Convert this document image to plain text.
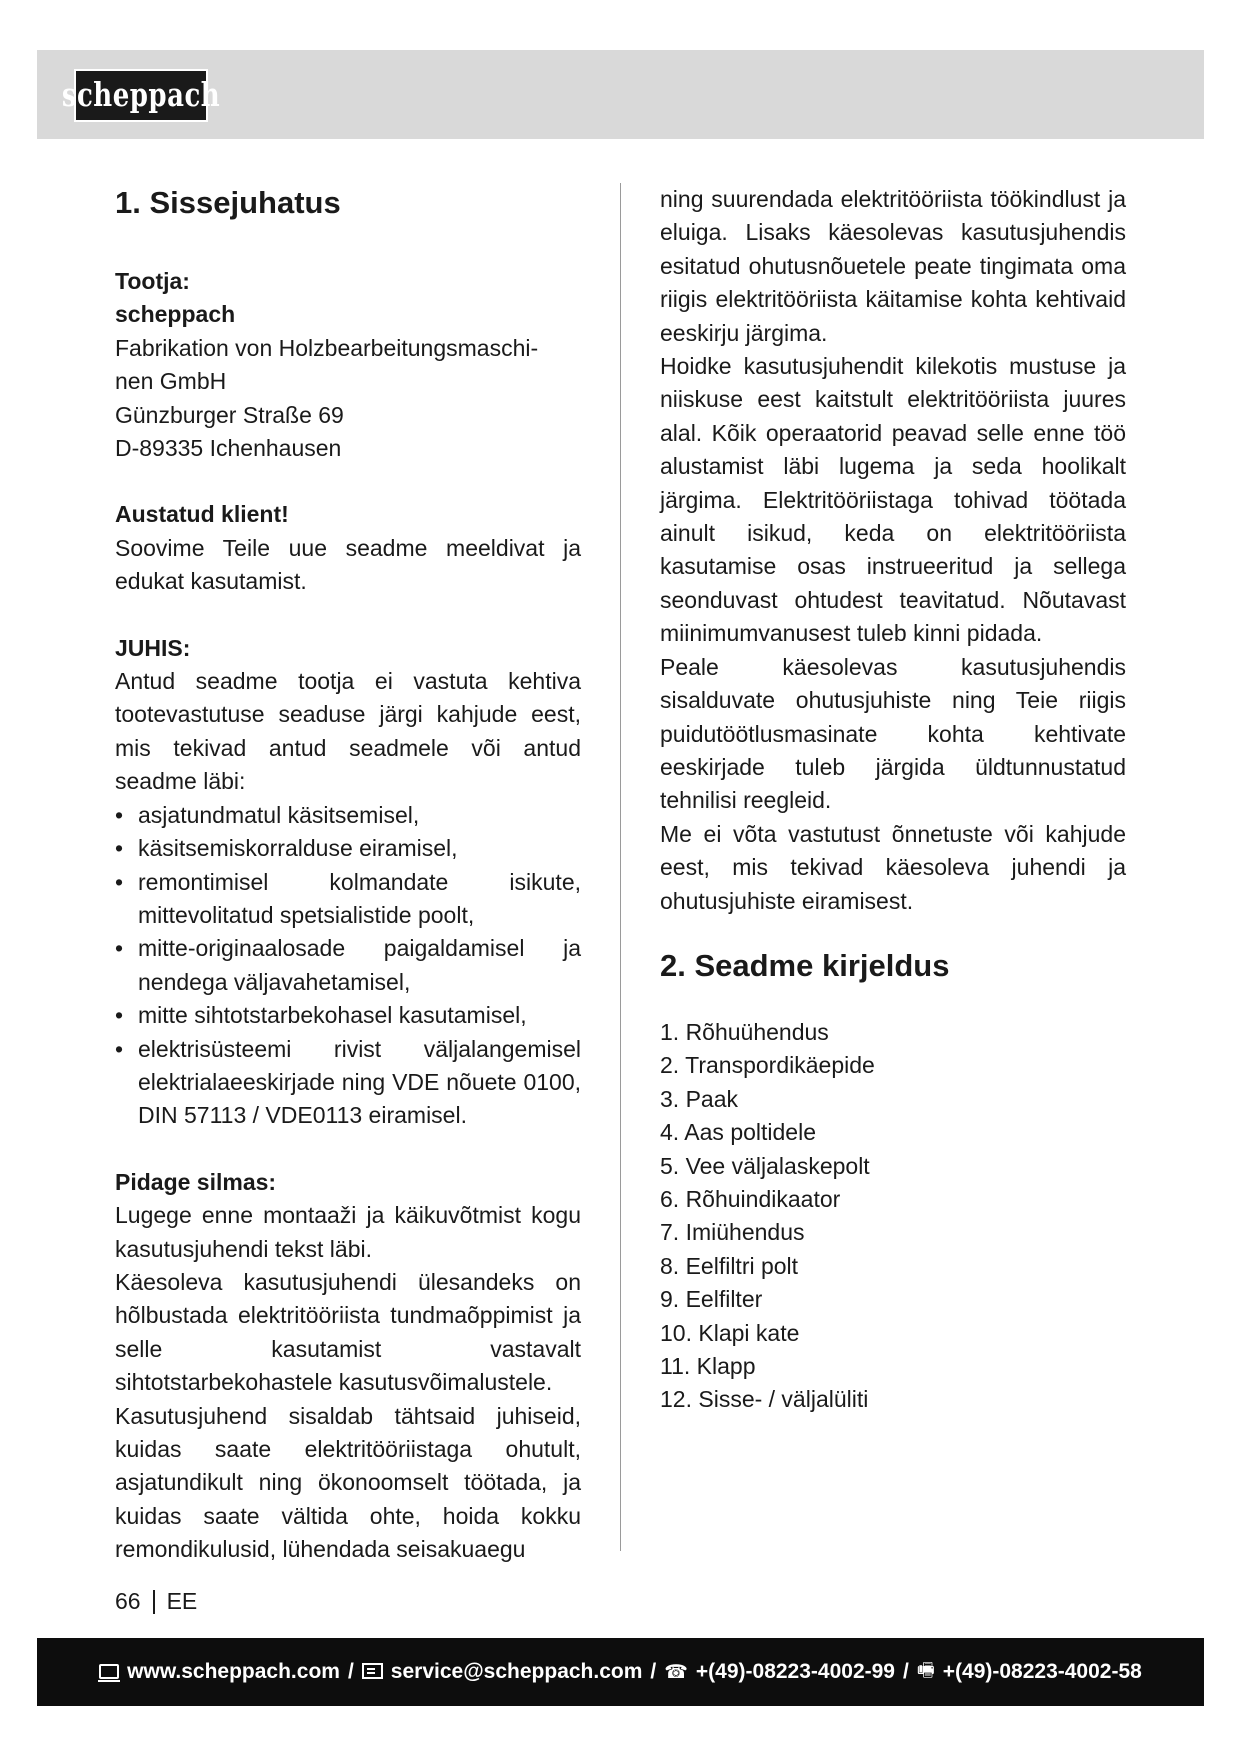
scheppach
1. Sissejuhatus

Tootja:

scheppach

Fabrikation von Holzbearbeitungsmaschi-

nen GmbH

Günzburger Straße 69

D-89335 Ichenhausen

Austatud klient!

Soovime Teile uue seadme meeldivat ja edukat kasutamist.

JUHIS:

Antud seadme tootja ei vastuta kehtiva tootevastutuse seaduse järgi kahjude eest, mis tekivad antud seadmele või antud seadme läbi:

• asjatundmatul käsitsemisel,
• käsitsemiskorralduse eiramisel,
• remontimisel kolmandate isikute, mittevolitatud spetsialistide poolt,
• mitte-originaalosade paigaldamisel ja nendega väljavahetamisel,
• mitte sihtotstarbekohasel kasutamisel,
• elektrisüsteemi rivist väljalangemisel elektrialaeeskirjade ning VDE nõuete 0100, DIN 57113 / VDE0113 eiramisel.

Pidage silmas:

Lugege enne montaaži ja käikuvõtmist kogu kasutusjuhendi tekst läbi.

Käesoleva kasutusjuhendi ülesandeks on hõlbustada elektritööriista tundmaõppimist ja selle kasutamist vastavalt sihtotstarbekohastele kasutusvõimalustele.

Kasutusjuhend sisaldab tähtsaid juhiseid, kuidas saate elektritööriistaga ohutult, asjatundikult ning ökonoomselt töötada, ja kuidas saate vältida ohte, hoida kokku remondikulusid, lühendada seisakuaegu

ning suurendada elektritööriista töökindlust ja eluiga. Lisaks käesolevas kasutusjuhendis esitatud ohutusnõuetele peate tingimata oma riigis elektritööriista käitamise kohta kehtivaid eeskirju järgima.

Hoidke kasutusjuhendit kilekotis mustuse ja niiskuse eest kaitstult elektritööriista juures alal. Kõik operaatorid peavad selle enne töö alustamist läbi lugema ja seda hoolikalt järgima. Elektritööriistaga tohivad töötada ainult isikud, keda on elektritööriista kasutamise osas instrueeritud ja sellega seonduvast ohtudest teavitatud. Nõutavast miinimumvanusest tuleb kinni pidada.

Peale käesolevas kasutusjuhendis sisalduvate ohutusjuhiste ning Teie riigis puidutöötlusmasinate kohta kehtivate eeskirjade tuleb järgida üldtunnustatud tehnilisi reegleid.

Me ei võta vastutust õnnetuste või kahjude eest, mis tekivad käesoleva juhendi ja ohutusjuhiste eiramisest.

2. Seadme kirjeldus
1. Rõhuühendus
2. Transpordikäepide
3. Paak
4. Aas poltidele
5. Vee väljalaskepolt
6. Rõhuindikaator
7. Imiühendus
8. Eelfiltri polt
9. Eelfilter
10. Klapi kate
11. Klapp
12. Sisse- / väljalüliti
66 EE
www.scheppach.com / service@scheppach.com / ☎ +(49)-08223-4002-99 / 🖷 +(49)-08223-4002-58
